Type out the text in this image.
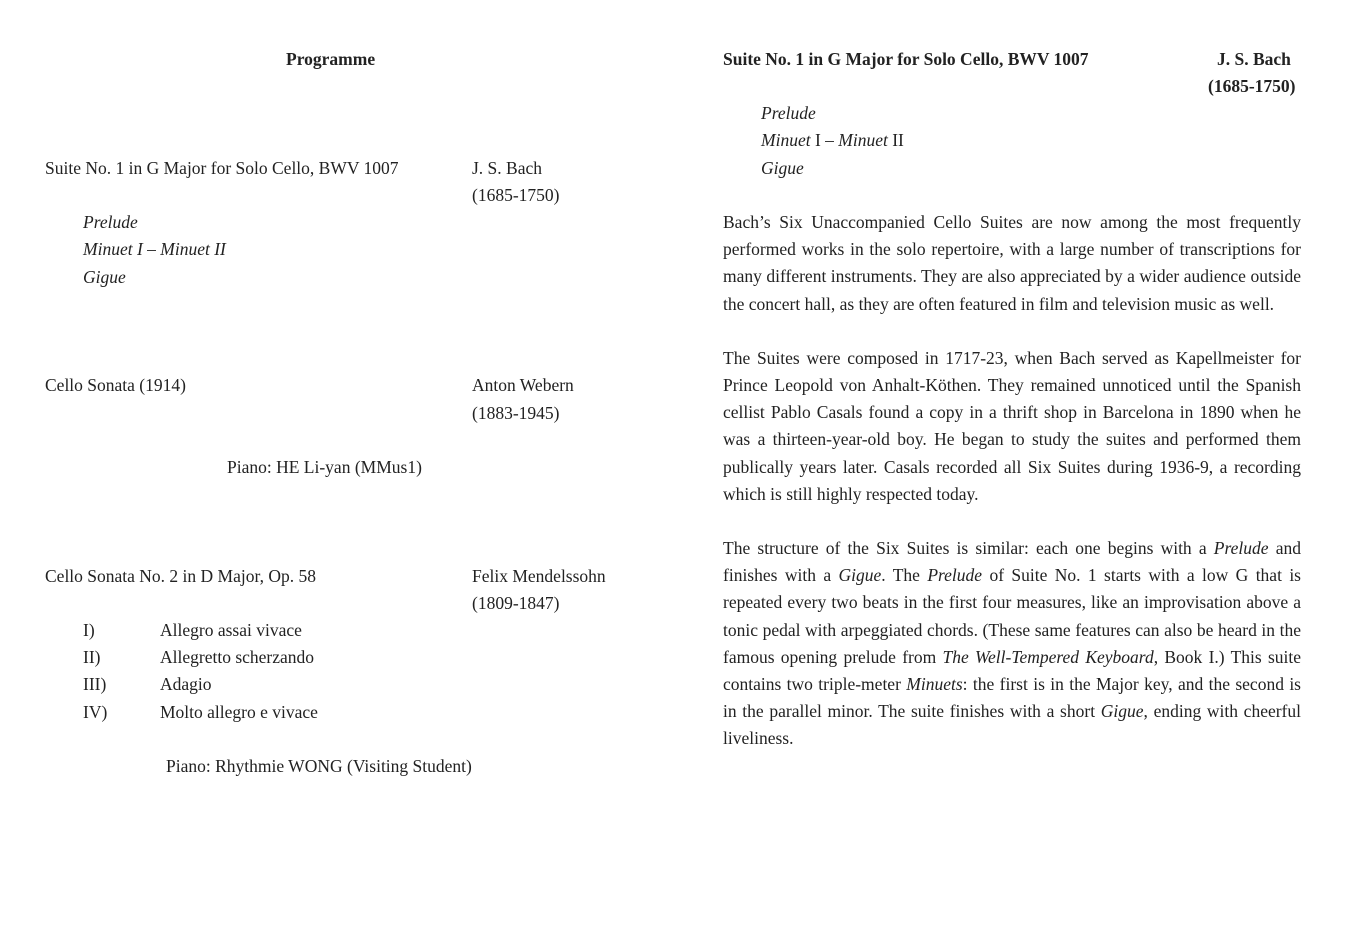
Programme
Suite No. 1 in G Major for Solo Cello, BWV 1007	J. S. Bach
(1685-1750)
Prelude
Minuet I – Minuet II
Gigue
Cello Sonata (1914)	Anton Webern
(1883-1945)
Piano: HE Li-yan (MMus1)
Cello Sonata No. 2 in D Major, Op. 58	Felix Mendelssohn
(1809-1847)
I)	Allegro assai vivace
II)	Allegretto scherzando
III)	Adagio
IV)	Molto allegro e vivace
Piano: Rhythmie WONG (Visiting Student)
Suite No. 1 in G Major for Solo Cello, BWV 1007	J. S. Bach
(1685-1750)
Prelude
Minuet I – Minuet II
Gigue

Bach’s Six Unaccompanied Cello Suites are now among the most frequently performed works in the solo repertoire, with a large number of transcriptions for many different instruments. They are also appreciated by a wider audience outside the concert hall, as they are often featured in film and television music as well.

The Suites were composed in 1717-23, when Bach served as Kapellmeister for Prince Leopold von Anhalt-Köthen. They remained unnoticed until the Spanish cellist Pablo Casals found a copy in a thrift shop in Barcelona in 1890 when he was a thirteen-year-old boy. He began to study the suites and performed them publically years later. Casals recorded all Six Suites during 1936-9, a recording which is still highly respected today.

The structure of the Six Suites is similar: each one begins with a Prelude and finishes with a Gigue. The Prelude of Suite No. 1 starts with a low G that is repeated every two beats in the first four measures, like an improvisation above a tonic pedal with arpeggiated chords. (These same features can also be heard in the famous opening prelude from The Well-Tempered Keyboard, Book I.) This suite contains two triple-meter Minuets: the first is in the Major key, and the second is in the parallel minor. The suite finishes with a short Gigue, ending with cheerful liveliness.
